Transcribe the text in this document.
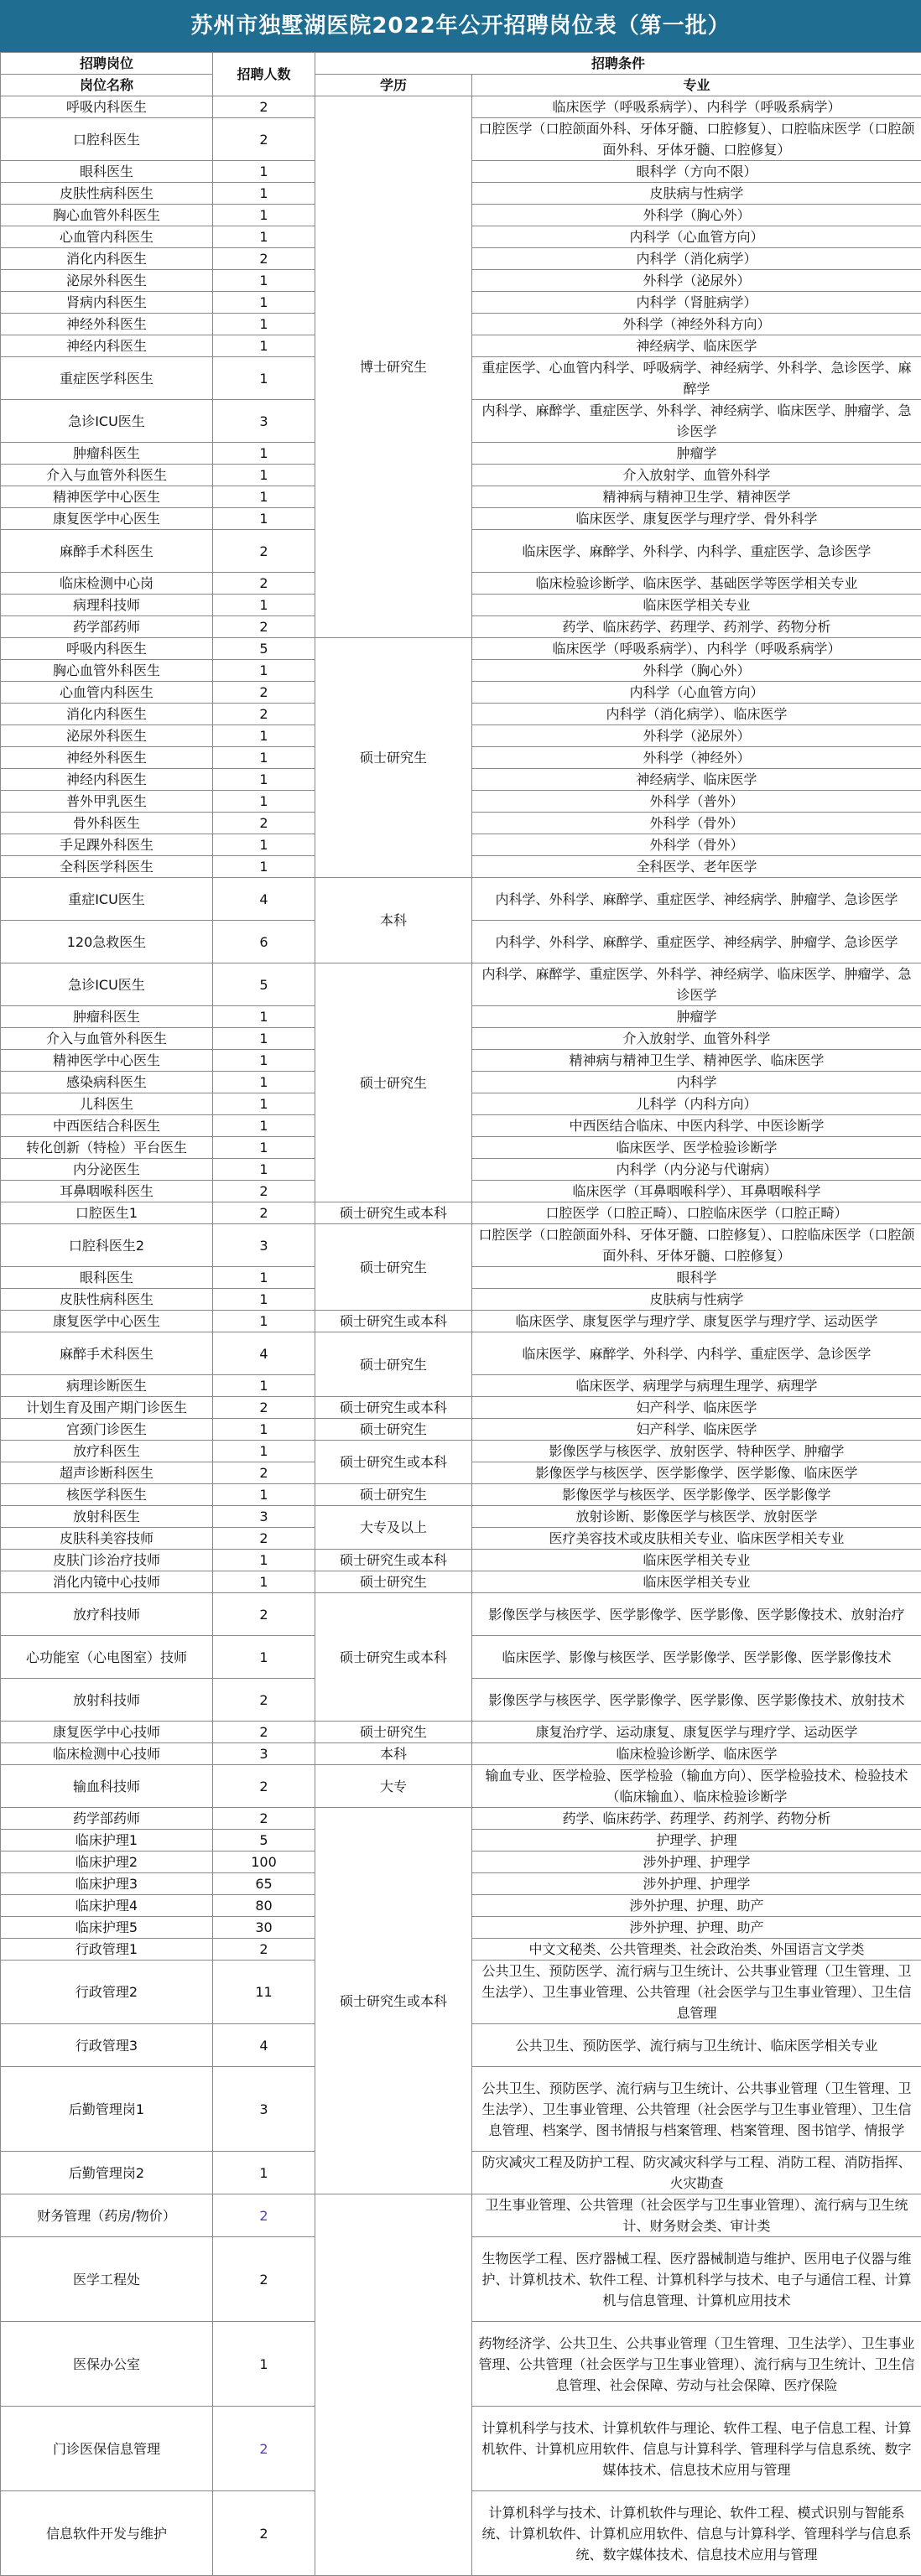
苏州市独墅湖医院2022年公开招聘岗位表（第一批）
招聘岗位	招聘人数	招聘条件	
岗位名称		学历	专业
呼吸内科医生	2	博士研究生	临床医学（呼吸系病学）、内科学（呼吸系病学）
口腔科医生	2		口腔医学（口腔颌面外科、牙体牙髓、口腔修复）、口腔临床医学（口腔颌面外科、牙体牙髓、口腔修复）
眼科医生	1		眼科学（方向不限）
皮肤性病科医生	1		皮肤病与性病学
胸心血管外科医生	1		外科学（胸心外）
心血管内科医生	1		内科学（心血管方向）
消化内科医生	2		内科学（消化病学）
泌尿外科医生	1		外科学（泌尿外）
肾病内科医生	1		内科学（肾脏病学）
神经外科医生	1		外科学（神经外科方向）
神经内科医生	1		神经病学、临床医学
重症医学科医生	1		重症医学、心血管内科学、呼吸病学、神经病学、外科学、急诊医学、麻醉学
急诊ICU医生	3		内科学、麻醉学、重症医学、外科学、神经病学、临床医学、肿瘤学、急诊医学
肿瘤科医生	1		肿瘤学
介入与血管外科医生	1		介入放射学、血管外科学
精神医学中心医生	1		精神病与精神卫生学、精神医学
康复医学中心医生	1		临床医学、康复医学与理疗学、骨外科学
麻醉手术科医生	2		临床医学、麻醉学、外科学、内科学、重症医学、急诊医学
临床检测中心岗	2		临床检验诊断学、临床医学、基础医学等医学相关专业
病理科技师	1		临床医学相关专业
药学部药师	2		药学、临床药学、药理学、药剂学、药物分析
呼吸内科医生	5	硕士研究生	临床医学（呼吸系病学）、内科学（呼吸系病学）
胸心血管外科医生	1		外科学（胸心外）
心血管内科医生	2		内科学（心血管方向）
消化内科医生	2		内科学（消化病学）、临床医学
泌尿外科医生	1		外科学（泌尿外）
神经外科医生	1		外科学（神经外）
神经内科医生	1		神经病学、临床医学
普外甲乳医生	1		外科学（普外）
骨外科医生	2		外科学（骨外）
手足踝外科医生	1		外科学（骨外）
全科医学科医生	1		全科医学、老年医学
重症ICU医生	4	本科	内科学、外科学、麻醉学、重症医学、神经病学、肿瘤学、急诊医学
120急救医生	6		内科学、外科学、麻醉学、重症医学、神经病学、肿瘤学、急诊医学
急诊ICU医生	5	硕士研究生	内科学、麻醉学、重症医学、外科学、神经病学、临床医学、肿瘤学、急诊医学
肿瘤科医生	1		肿瘤学
介入与血管外科医生	1		介入放射学、血管外科学
精神医学中心医生	1		精神病与精神卫生学、精神医学、临床医学
感染病科医生	1		内科学
儿科医生	1		儿科学（内科方向）
中西医结合科医生	1		中西医结合临床、中医内科学、中医诊断学
转化创新（特检）平台医生	1		临床医学、医学检验诊断学
内分泌医生	1		内科学（内分泌与代谢病）
耳鼻咽喉科医生	2		临床医学（耳鼻咽喉科学）、耳鼻咽喉科学
口腔医生1	2	硕士研究生或本科	口腔医学（口腔正畸）、口腔临床医学（口腔正畸）
口腔科医生2	3	硕士研究生	口腔医学（口腔颌面外科、牙体牙髓、口腔修复）、口腔临床医学（口腔颌面外科、牙体牙髓、口腔修复）
眼科医生	1		眼科学
皮肤性病科医生	1		皮肤病与性病学
康复医学中心医生	1	硕士研究生或本科	临床医学、康复医学与理疗学、康复医学与理疗学、运动医学
麻醉手术科医生	4	硕士研究生	临床医学、麻醉学、外科学、内科学、重症医学、急诊医学
病理诊断医生	1		临床医学、病理学与病理生理学、病理学
计划生育及围产期门诊医生	2	硕士研究生或本科	妇产科学、临床医学
宫颈门诊医生	1	硕士研究生	妇产科学、临床医学
放疗科医生	1	硕士研究生或本科	影像医学与核医学、放射医学、特种医学、肿瘤学
超声诊断科医生	2		影像医学与核医学、医学影像学、医学影像、临床医学
核医学科医生	1	硕士研究生	影像医学与核医学、医学影像学、医学影像学
放射科医生	3	大专及以上	放射诊断、影像医学与核医学、放射医学
皮肤科美容技师	2		医疗美容技术或皮肤相关专业、临床医学相关专业
皮肤门诊治疗技师	1	硕士研究生或本科	临床医学相关专业
消化内镜中心技师	1	硕士研究生	临床医学相关专业
放疗科技师	2	硕士研究生或本科	影像医学与核医学、医学影像学、医学影像、医学影像技术、放射治疗
心功能室（心电图室）技师	1		临床医学、影像与核医学、医学影像学、医学影像、医学影像技术
放射科技师	2		影像医学与核医学、医学影像学、医学影像、医学影像技术、放射技术
康复医学中心技师	2	硕士研究生	康复治疗学、运动康复、康复医学与理疗学、运动医学
临床检测中心技师	3	本科	临床检验诊断学、临床医学
输血科技师	2	大专	输血专业、医学检验、医学检验（输血方向）、医学检验技术、检验技术（临床输血）、临床检验诊断学
药学部药师	2	硕士研究生或本科	药学、临床药学、药理学、药剂学、药物分析
临床护理1	5		护理学、护理
临床护理2	100		涉外护理、护理学
临床护理3	65		涉外护理、护理学
临床护理4	80		涉外护理、护理、助产
临床护理5	30		涉外护理、护理、助产
行政管理1	2		中文文秘类、公共管理类、社会政治类、外国语言文学类
行政管理2	11		公共卫生、预防医学、流行病与卫生统计、公共事业管理（卫生管理、卫生法学）、卫生事业管理、公共管理（社会医学与卫生事业管理）、卫生信息管理
行政管理3	4		公共卫生、预防医学、流行病与卫生统计、临床医学相关专业
后勤管理岗1	3		公共卫生、预防医学、流行病与卫生统计、公共事业管理（卫生管理、卫生法学）、卫生事业管理、公共管理（社会医学与卫生事业管理）、卫生信息管理、档案学、图书情报与档案管理、档案管理、图书馆学、情报学
后勤管理岗2	1		防灾减灾工程及防护工程、防灾减灾科学与工程、消防工程、消防指挥、火灾勘查
财务管理（药房/物价）	2		卫生事业管理、公共管理（社会医学与卫生事业管理）、流行病与卫生统计、财务财会类、审计类
医学工程处	2		生物医学工程、医疗器械工程、医疗器械制造与维护、医用电子仪器与维护、计算机技术、软件工程、计算机科学与技术、电子与通信工程、计算机与信息管理、计算机应用技术
医保办公室	1		药物经济学、公共卫生、公共事业管理（卫生管理、卫生法学）、卫生事业管理、公共管理（社会医学与卫生事业管理）、流行病与卫生统计、卫生信息管理、社会保障、劳动与社会保障、医疗保险
门诊医保信息管理	2		计算机科学与技术、计算机软件与理论、软件工程、电子信息工程、计算机软件、计算机应用软件、信息与计算科学、管理科学与信息系统、数字媒体技术、信息技术应用与管理
信息软件开发与维护	2		计算机科学与技术、计算机软件与理论、软件工程、模式识别与智能系统、计算机软件、计算机应用软件、信息与计算科学、管理科学与信息系统、数字媒体技术、信息技术应用与管理
